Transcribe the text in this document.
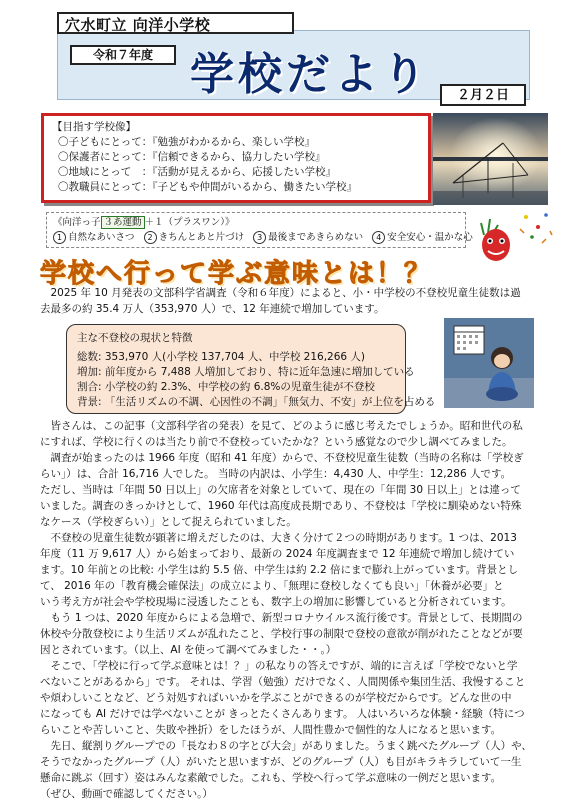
穴水町立 向洋小学校
令和７年度 学校だより	２月２日
【目指す学校像】
〇子どもにとって：『勉強がわかるから、楽しい学校』
〇保護者にとって：『信頼できるから、協力したい学校』
〇地域にとって　：『活動が見えるから、応援したい学校』
〇教職員にとって：『子どもや仲間がいるから、働きたい学校』
《向洋っ子 ３あ運動 ＋１（プラスワン）》
1 自然なあいさつ 2 きちんとあと片づけ 3 最後まであきらめない 4 安全安心・温かな心
学校へ行って学ぶ意味とは！？
　2025 年 10 月発表の文部科学省調査（令和６年度）によると、小・中学校の不登校児童生徒数は過
去最多の約 35.4 万人（353,970 人）で、12 年連続で増加しています。
主な不登校の現状と特徴
総数: 353,970 人(小学校 137,704 人、中学校 216,266 人)
増加: 前年度から 7,488 人増加しており、特に近年急速に増加している
割合: 小学校の約 2.3%、中学校の約 6.8%の児童生徒が不登校
背景: 「生活リズムの不調、心因性の不調」「無気力、不安」が上位を占める
　皆さんは、この記事（文部科学省の発表）を見て、どのように感じ考えたでしょうか。昭和世代の私
にすれば、学校に行くのは当たり前で不登校っていたかな？という感覚なので少し調べてみました。
　調査が始まったのは 1966 年度（昭和 41 年度）からで、不登校児童生徒数（当時の名称は「学校ぎ
らい」）は、合計 16,716 人でした。 当時の内訳は、小学生：4,430 人、中学生：12,286 人です。
ただし、当時は「年間 50 日以上」の欠席者を対象としていて、現在の「年間 30 日以上」とは違って
いました。調査のきっかけとして、1960 年代は高度成長期であり、不登校は「学校に馴染めない特殊
なケース（学校ぎらい）」として捉えられていました。
　不登校の児童生徒数が顕著に増えだしたのは、大きく分けて２つの時期があります。1 つは、2013
年度（11 万 9,617 人）から始まっており、最新の 2024 年度調査まで 12 年連続で増加し続けてい
ます。10 年前との比較: 小学生は約 5.5 倍、中学生は約 2.2 倍にまで膨れ上がっています。背景とし
て、 2016 年の「教育機会確保法」の成立により、「無理に登校しなくても良い」「休養が必要」と
いう考え方が社会や学校現場に浸透したことも、数字上の増加に影響していると分析されています。
　もう 1 つは、2020 年度からによる急増で、新型コロナウイルス流行後です。背景として、長期間の
休校や分散登校により生活リズムが乱れたこと、学校行事の制限で登校の意欲が削がれたことなどが要
因とされています。（以上、AI を使って調べてみました・・。）
　そこで、「学校に行って学ぶ意味とは！？」の私なりの答えですが、端的に言えば「学校でないと学
べないことがあるから」です。 それは、学習（勉強）だけでなく、人間関係や集団生活、我慢すること
や煩わしいことなど、どう対処すればいいかを学ぶことができるのが学校だからです。どんな世の中
になっても AI だけでは学べないことが きっとたくさんあります。 人はいろいろな体験・経験（特につ
らいことや苦しいこと、失敗や挫折）をしたほうが、人間性豊かで個性的な人になると思います。
　先日、縦割りグループでの「長なわ８の字とび大会」がありました。うまく跳べたグループ（人）や、
そうでなかったグループ（人）がいたと思いますが、どのグループ（人）も目がキラキラしていて一生
懸命に跳ぶ（回す）姿はみんな素敵でした。これも、学校へ行って学ぶ意味の一例だと思います。
（ぜひ、動画で確認してください。）
